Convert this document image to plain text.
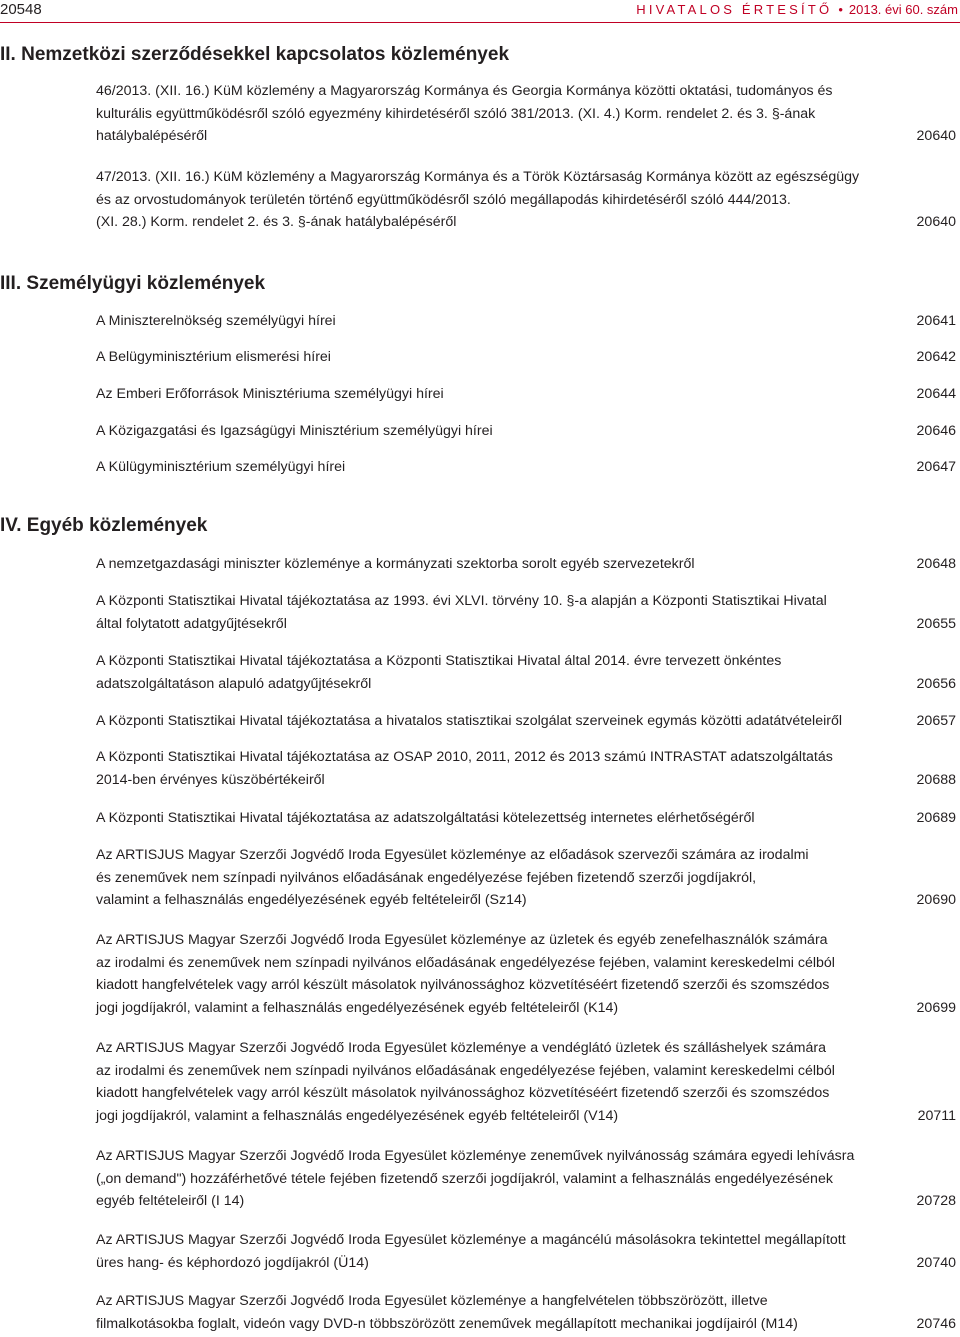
20548	HIVATALOS ÉRTESÍTŐ • 2013. évi 60. szám
II. Nemzetközi szerződésekkel kapcsolatos közlemények
46/2013. (XII. 16.) KüM közlemény a Magyarország Kormánya és Georgia Kormánya közötti oktatási, tudományos és
kulturális együttműködésről szóló egyezmény kihirdetéséről szóló 381/2013. (XI. 4.) Korm. rendelet 2. és 3. §-ának
hatálybalépéséről	20640
47/2013. (XII. 16.) KüM közlemény a Magyarország Kormánya és a Török Köztársaság Kormánya között az egészségügy
és az orvostudományok területén történő együttműködésről szóló megállapodás kihirdetéséről szóló 444/2013.
(XI. 28.) Korm. rendelet 2. és 3. §-ának hatálybalépéséről	20640
III. Személyügyi közlemények
A Miniszterelnökség személyügyi hírei	20641
A Belügyminisztérium elismerési hírei	20642
Az Emberi Erőforrások Minisztériuma személyügyi hírei	20644
A Közigazgatási és Igazságügyi Minisztérium személyügyi hírei	20646
A Külügyminisztérium személyügyi hírei	20647
IV. Egyéb közlemények
A nemzetgazdasági miniszter közleménye a kormányzati szektorba sorolt egyéb szervezetekről	20648
A Központi Statisztikai Hivatal tájékoztatása az 1993. évi XLVI. törvény 10. §-a alapján a Központi Statisztikai Hivatal
által folytatott adatgyűjtésekről	20655
A Központi Statisztikai Hivatal tájékoztatása a Központi Statisztikai Hivatal által 2014. évre tervezett önkéntes
adatszolgáltatáson alapuló adatgyűjtésekről	20656
A Központi Statisztikai Hivatal tájékoztatása a hivatalos statisztikai szolgálat szerveinek egymás közötti adatátvételeiről	20657
A Központi Statisztikai Hivatal tájékoztatása az OSAP 2010, 2011, 2012 és 2013 számú INTRASTAT adatszolgáltatás
2014-ben érvényes küszöbértékeiről	20688
A Központi Statisztikai Hivatal tájékoztatása az adatszolgáltatási kötelezettség internetes elérhetőségéről	20689
Az ARTISJUS Magyar Szerzői Jogvédő Iroda Egyesület közleménye az előadások szervezői számára az irodalmi
és zeneművek nem színpadi nyilvános előadásának engedélyezése fejében fizetendő szerzői jogdíjakról,
valamint a felhasználás engedélyezésének egyéb feltételeiről (Sz14)	20690
Az ARTISJUS Magyar Szerzői Jogvédő Iroda Egyesület közleménye az üzletek és egyéb zenefelhasználók számára
az irodalmi és zeneművek nem színpadi nyilvános előadásának engedélyezése fejében, valamint kereskedelmi célból
kiadott hangfelvételek vagy arról készült másolatok nyilvánossághoz közvetítéséért fizetendő szerzői és szomszédos
jogi jogdíjakról, valamint a felhasználás engedélyezésének egyéb feltételeiről (K14)	20699
Az ARTISJUS Magyar Szerzői Jogvédő Iroda Egyesület közleménye a vendéglátó üzletek és szálláshelyek számára
az irodalmi és zeneművek nem színpadi nyilvános előadásának engedélyezése fejében, valamint kereskedelmi célból
kiadott hangfelvételek vagy arról készült másolatok nyilvánossághoz közvetítéséért fizetendő szerzői és szomszédos
jogi jogdíjakról, valamint a felhasználás engedélyezésének egyéb feltételeiről (V14)	20711
Az ARTISJUS Magyar Szerzői Jogvédő Iroda Egyesület közleménye zeneművek nyilvánosság számára egyedi lehívásra
(„on demand") hozzáférhetővé tétele fejében fizetendő szerzői jogdíjakról, valamint a felhasználás engedélyezésének
egyéb feltételeiről (I 14)	20728
Az ARTISJUS Magyar Szerzői Jogvédő Iroda Egyesület közleménye a magáncélú másolásokra tekintettel megállapított
üres hang- és képhordozó jogdíjakról (Ü14)	20740
Az ARTISJUS Magyar Szerzői Jogvédő Iroda Egyesület közleménye a hangfelvételen többszörözött, illetve
filmalkotásokba foglalt, videón vagy DVD-n többszörözött zeneművek megállapított mechanikai jogdíjairól (M14)	20746
